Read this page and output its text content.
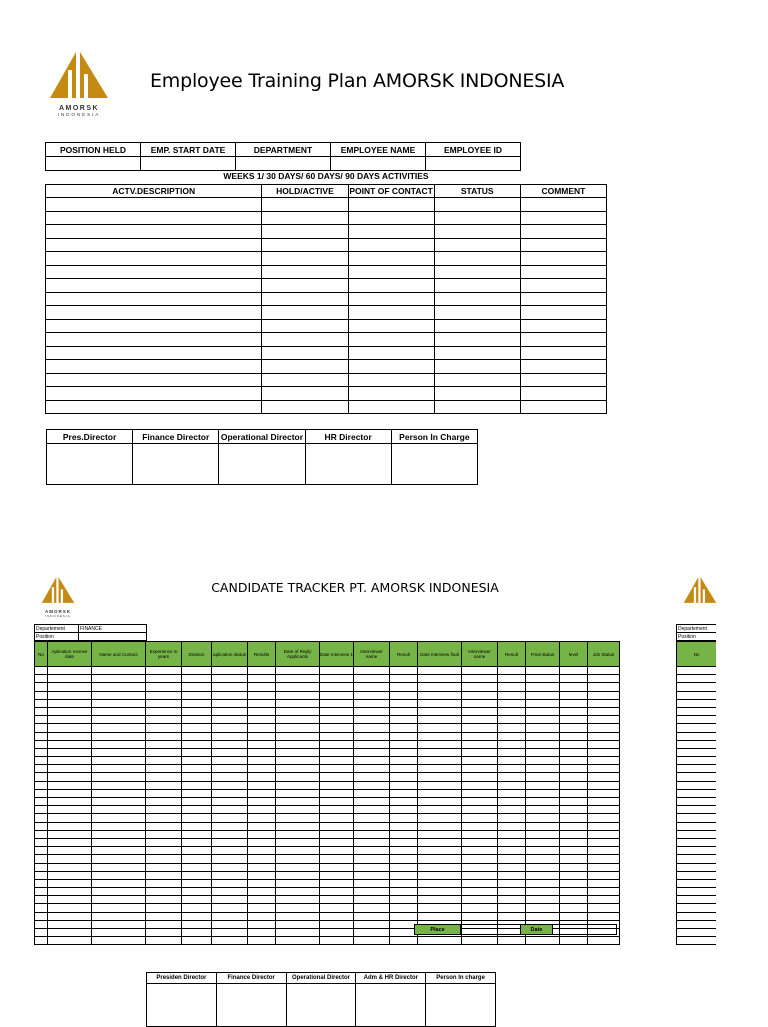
AMORSK
INDONESIA
Employee Training Plan AMORSK INDONESIA
POSITION HELD	EMP. START DATE	DEPARTMENT	EMPLOYEE NAME	EMPLOYEE ID

WEEKS 1/ 30 DAYS/ 60 DAYS/ 90 DAYS ACTIVITIES
ACTV.DESCRIPTION	HOLD/ACTIVE	POINT OF CONTACT	STATUS	COMMENT

Pres.Director	Finance Director	Operational Director	HR Director	Person In Charge

AMORSK
INDONESIA
CANDIDATE TRACKER PT. AMORSK INDONESIA
Departement	FINANCE
Position	
No	Aplication receive date	Name and Contact	Experience in years	Division	aplication status	Results	Date of Reply Applicants	Date interview 1	Interviewer name	Result	Date interview final	Interviewer name	Result	Final status	level	Job Status

Place		Date	
Presiden Director	Finance Director	Operational Director	Adm & HR Director	Person In charge

Departement
Position
No
